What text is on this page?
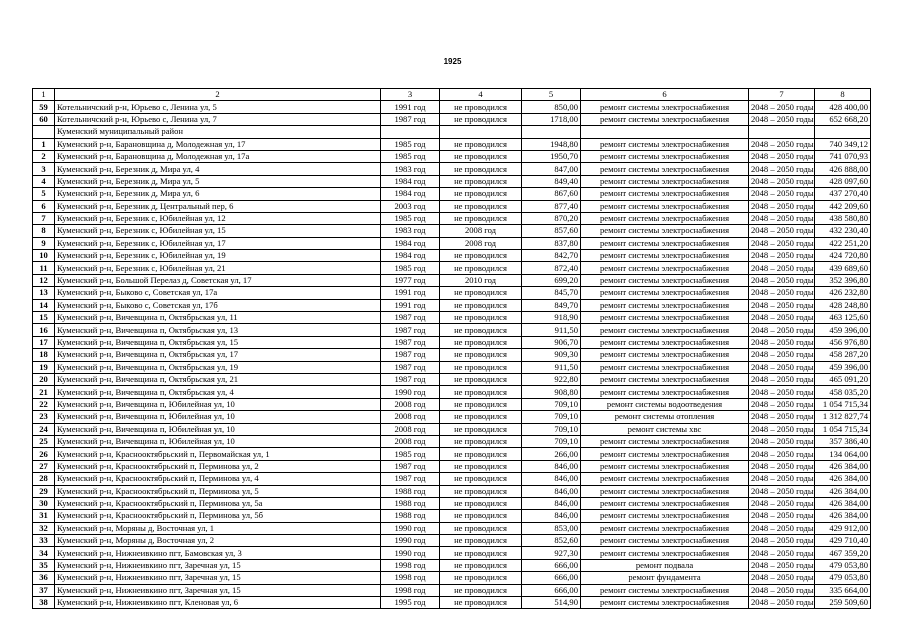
1925
1	2	3	4	5	6	7	8
59	Котельничский р-н, Юрьево с, Ленина ул, 5	1991 год	не проводился	850,00	ремонт системы электроснабжения	2048 – 2050 годы	428 400,00
60	Котельничский р-н, Юрьево с, Ленина ул, 7	1987 год	не проводился	1718,00	ремонт системы электроснабжения	2048 – 2050 годы	652 668,20
	Куменский муниципальный район						
1	Куменский р-н, Барановщина д, Молодежная ул, 17	1985 год	не проводился	1948,80	ремонт системы электроснабжения	2048 – 2050 годы	740 349,12
2	Куменский р-н, Барановщина д, Молодежная ул, 17а	1985 год	не проводился	1950,70	ремонт системы электроснабжения	2048 – 2050 годы	741 070,93
3	Куменский р-н, Березник д, Мира ул, 4	1983 год	не проводился	847,00	ремонт системы электроснабжения	2048 – 2050 годы	426 888,00
4	Куменский р-н, Березник д, Мира ул, 5	1984 год	не проводился	849,40	ремонт системы электроснабжения	2048 – 2050 годы	428 097,60
5	Куменский р-н, Березник д, Мира ул, 6	1984 год	не проводился	867,60	ремонт системы электроснабжения	2048 – 2050 годы	437 270,40
6	Куменский р-н, Березник д, Центральный пер, 6	2003 год	не проводился	877,40	ремонт системы электроснабжения	2048 – 2050 годы	442 209,60
7	Куменский р-н, Березник с, Юбилейная ул, 12	1985 год	не проводился	870,20	ремонт системы электроснабжения	2048 – 2050 годы	438 580,80
8	Куменский р-н, Березник с, Юбилейная ул, 15	1983 год	2008 год	857,60	ремонт системы электроснабжения	2048 – 2050 годы	432 230,40
9	Куменский р-н, Березник с, Юбилейная ул, 17	1984 год	2008 год	837,80	ремонт системы электроснабжения	2048 – 2050 годы	422 251,20
10	Куменский р-н, Березник с, Юбилейная ул, 19	1984 год	не проводился	842,70	ремонт системы электроснабжения	2048 – 2050 годы	424 720,80
11	Куменский р-н, Березник с, Юбилейная ул, 21	1985 год	не проводился	872,40	ремонт системы электроснабжения	2048 – 2050 годы	439 689,60
12	Куменский р-н, Большой Перелаз д, Советская ул, 17	1977 год	2010 год	699,20	ремонт системы электроснабжения	2048 – 2050 годы	352 396,80
13	Куменский р-н, Быково с, Советская ул, 17а	1991 год	не проводился	845,70	ремонт системы электроснабжения	2048 – 2050 годы	426 232,80
14	Куменский р-н, Быково с, Советская ул, 17б	1991 год	не проводился	849,70	ремонт системы электроснабжения	2048 – 2050 годы	428 248,80
15	Куменский р-н, Вичевщина п, Октябрьская ул, 11	1987 год	не проводился	918,90	ремонт системы электроснабжения	2048 – 2050 годы	463 125,60
16	Куменский р-н, Вичевщина п, Октябрьская ул, 13	1987 год	не проводился	911,50	ремонт системы электроснабжения	2048 – 2050 годы	459 396,00
17	Куменский р-н, Вичевщина п, Октябрьская ул, 15	1987 год	не проводился	906,70	ремонт системы электроснабжения	2048 – 2050 годы	456 976,80
18	Куменский р-н, Вичевщина п, Октябрьская ул, 17	1987 год	не проводился	909,30	ремонт системы электроснабжения	2048 – 2050 годы	458 287,20
19	Куменский р-н, Вичевщина п, Октябрьская ул, 19	1987 год	не проводился	911,50	ремонт системы электроснабжения	2048 – 2050 годы	459 396,00
20	Куменский р-н, Вичевщина п, Октябрьская ул, 21	1987 год	не проводился	922,80	ремонт системы электроснабжения	2048 – 2050 годы	465 091,20
21	Куменский р-н, Вичевщина п, Октябрьская ул, 4	1990 год	не проводился	908,80	ремонт системы электроснабжения	2048 – 2050 годы	458 035,20
22	Куменский р-н, Вичевщина п, Юбилейная ул, 10	2008 год	не проводился	709,10	ремонт системы водоотведения	2048 – 2050 годы	1 054 715,34
23	Куменский р-н, Вичевщина п, Юбилейная ул, 10	2008 год	не проводился	709,10	ремонт системы отопления	2048 – 2050 годы	1 312 827,74
24	Куменский р-н, Вичевщина п, Юбилейная ул, 10	2008 год	не проводился	709,10	ремонт системы хвс	2048 – 2050 годы	1 054 715,34
25	Куменский р-н, Вичевщина п, Юбилейная ул, 10	2008 год	не проводился	709,10	ремонт системы электроснабжения	2048 – 2050 годы	357 386,40
26	Куменский р-н, Краснооктябрьский п, Первомайская ул, 1	1985 год	не проводился	266,00	ремонт системы электроснабжения	2048 – 2050 годы	134 064,00
27	Куменский р-н, Краснооктябрьский п, Перминова ул, 2	1987 год	не проводился	846,00	ремонт системы электроснабжения	2048 – 2050 годы	426 384,00
28	Куменский р-н, Краснооктябрьский п, Перминова ул, 4	1987 год	не проводился	846,00	ремонт системы электроснабжения	2048 – 2050 годы	426 384,00
29	Куменский р-н, Краснооктябрьский п, Перминова ул, 5	1988 год	не проводился	846,00	ремонт системы электроснабжения	2048 – 2050 годы	426 384,00
30	Куменский р-н, Краснооктябрьский п, Перминова ул, 5а	1988 год	не проводился	846,00	ремонт системы электроснабжения	2048 – 2050 годы	426 384,00
31	Куменский р-н, Краснооктябрьский п, Перминова ул, 5б	1988 год	не проводился	846,00	ремонт системы электроснабжения	2048 – 2050 годы	426 384,00
32	Куменский р-н, Моряны д, Восточная ул, 1	1990 год	не проводился	853,00	ремонт системы электроснабжения	2048 – 2050 годы	429 912,00
33	Куменский р-н, Моряны д, Восточная ул, 2	1990 год	не проводился	852,60	ремонт системы электроснабжения	2048 – 2050 годы	429 710,40
34	Куменский р-н, Нижнеивкино пгт, Бамовская ул, 3	1990 год	не проводился	927,30	ремонт системы электроснабжения	2048 – 2050 годы	467 359,20
35	Куменский р-н, Нижнеивкино пгт, Заречная ул, 15	1998 год	не проводился	666,00	ремонт подвала	2048 – 2050 годы	479 053,80
36	Куменский р-н, Нижнеивкино пгт, Заречная ул, 15	1998 год	не проводился	666,00	ремонт фундамента	2048 – 2050 годы	479 053,80
37	Куменский р-н, Нижнеивкино пгт, Заречная ул, 15	1998 год	не проводился	666,00	ремонт системы электроснабжения	2048 – 2050 годы	335 664,00
38	Куменский р-н, Нижнеивкино пгт, Кленовая ул, 6	1995 год	не проводился	514,90	ремонт системы электроснабжения	2048 – 2050 годы	259 509,60
